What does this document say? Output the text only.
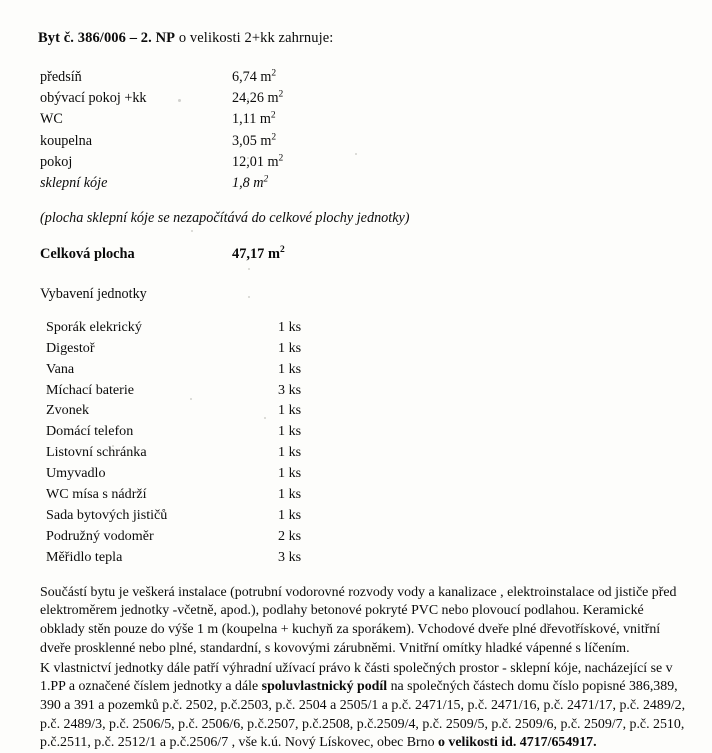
Byt č. 386/006 – 2. NP o velikosti 2+kk zahrnuje:
předsíň	6,74 $m^2$
obývací pokoj +kk	24,26 $m^2$
WC	1,11 $m^2$
koupelna	3,05 $m^2$
pokoj	12,01 $m^2$
sklepní kóje	1,8 $m^2$
(plocha sklepní kóje se nezapočítává do celkové plochy jednotky)
Celková plocha	47,17 $m^2$
Vybavení jednotky
Sporák elekrický	1 ks
Digestoř	1 ks
Vana	1 ks
Míchací baterie	3 ks
Zvonek	1 ks
Domácí telefon	1 ks
Listovní schránka	1 ks
Umyvadlo	1 ks
WC mísa s nádrží	1 ks
Sada bytových jističů	1 ks
Podružný vodoměr	2 ks
Měřidlo tepla	3 ks
Součástí bytu je veškerá instalace (potrubní vodorovné rozvody vody a kanalizace , elektroinstalace od jističe před elektroměrem jednotky -včetně, apod.), podlahy betonové pokryté PVC nebo plovoucí podlahou. Keramické obklady stěn pouze do výše 1 m (koupelna + kuchyň za sporákem). Vchodové dveře plné dřevotřískové, vnitřní dveře prosklenné nebo plné, standardní, s kovovými zárubněmi. Vnitřní omítky hladké vápenné s líčením.
K vlastnictví jednotky dále patří výhradní užívací právo k části společných prostor - sklepní kóje, nacházející se v 1.PP a označené číslem jednotky a dále spoluvlastnický podíl na společných částech domu číslo popisné 386,389, 390 a 391 a pozemků p.č. 2502, p.č.2503, p.č. 2504 a 2505/1 a p.č. 2471/15, p.č. 2471/16, p.č. 2471/17, p.č. 2489/2, p.č. 2489/3, p.č. 2506/5, p.č. 2506/6, p.č.2507, p.č.2508, p.č.2509/4, p.č. 2509/5, p.č. 2509/6, p.č. 2509/7, p.č. 2510, p.č.2511, p.č. 2512/1 a p.č.2506/7 , vše k.ú. Nový Lískovec, obec Brno o velikosti id. 4717/654917.
